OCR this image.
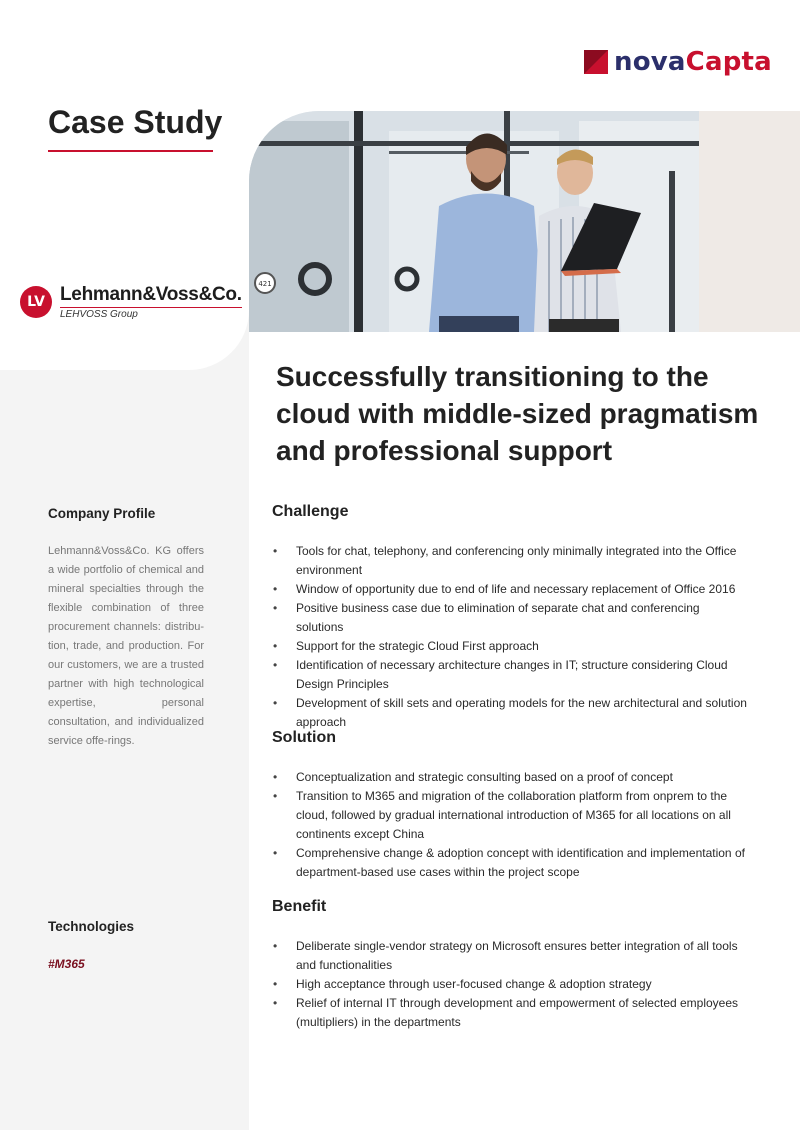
novaCapta
Case Study
421
LV Lehmann&Voss&Co.
LEHVOSS Group
Successfully transitioning to the cloud with middle-sized pragmatism and professional support
Company Profile

Lehmann&Voss&Co. KG offers a wide portfolio of chemical and mineral specialties through the flexible combination of three procurement channels: distribu-tion, trade, and production. For our customers, we are a trusted partner with high technological expertise, personal consultation, and individualized service offe-rings.

Technologies
#M365
Challenge
• Tools for chat, telephony, and conferencing only minimally integrated into the Office environment
• Window of opportunity due to end of life and necessary replacement of Office 2016
• Positive business case due to elimination of separate chat and conferencing solutions
• Support for the strategic Cloud First approach
• Identification of necessary architecture changes in IT; structure considering Cloud Design Principles
• Development of skill sets and operating models for the new architectural and solution approach
Solution
• Conceptualization and strategic consulting based on a proof of concept
• Transition to M365 and migration of the collaboration platform from onprem to the cloud, followed by gradual international introduction of M365 for all locations on all continents except China
• Comprehensive change & adoption concept with identification and implementation of department-based use cases within the project scope
Benefit
• Deliberate single-vendor strategy on Microsoft ensures better integration of all tools and functionalities
• High acceptance through user-focused change & adoption strategy
• Relief of internal IT through development and empowerment of selected employees (multipliers) in the departments
